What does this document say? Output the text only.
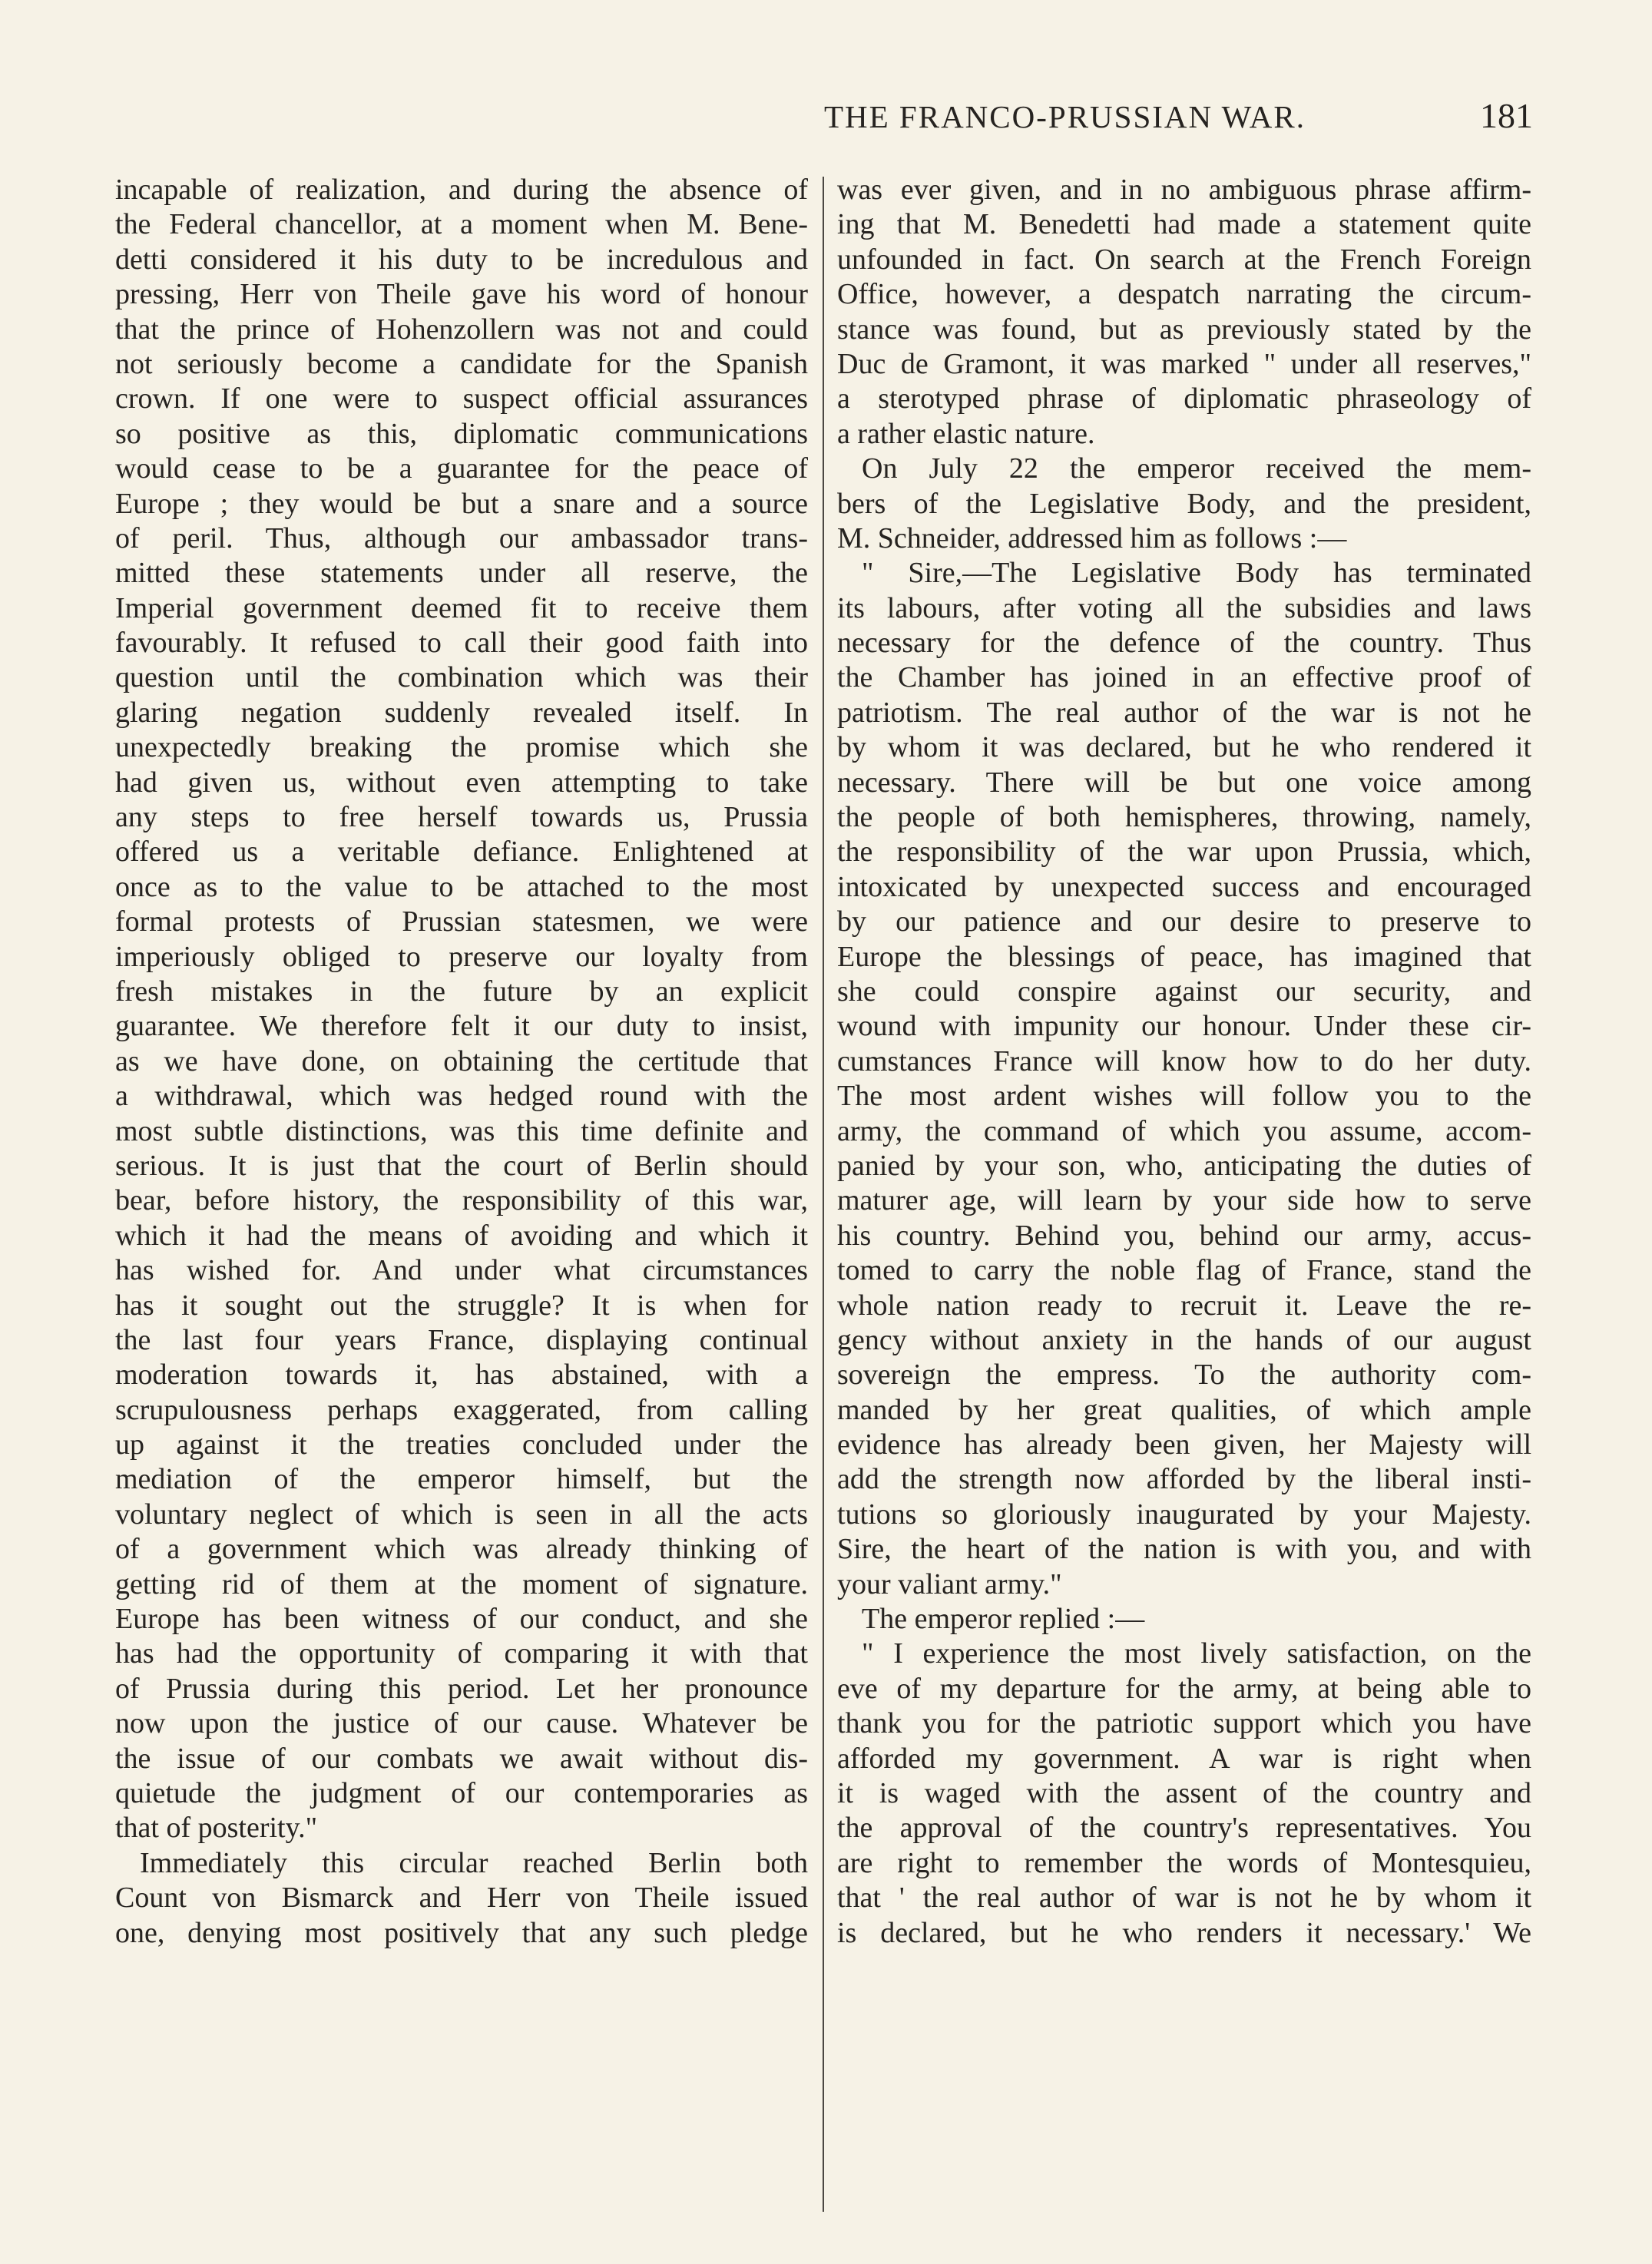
THE FRANCO-PRUSSIAN WAR.	181
incapable of realization, and during the absence of
the Federal chancellor, at a moment when M. Bene-
detti considered it his duty to be incredulous and
pressing, Herr von Theile gave his word of honour
that the prince of Hohenzollern was not and could
not seriously become a candidate for the Spanish
crown. If one were to suspect official assurances
so positive as this, diplomatic communications
would cease to be a guarantee for the peace of
Europe ; they would be but a snare and a source
of peril. Thus, although our ambassador trans-
mitted these statements under all reserve, the
Imperial government deemed fit to receive them
favourably. It refused to call their good faith into
question until the combination which was their
glaring negation suddenly revealed itself. In
unexpectedly breaking the promise which she
had given us, without even attempting to take
any steps to free herself towards us, Prussia
offered us a veritable defiance. Enlightened at
once as to the value to be attached to the most
formal protests of Prussian statesmen, we were
imperiously obliged to preserve our loyalty from
fresh mistakes in the future by an explicit
guarantee. We therefore felt it our duty to insist,
as we have done, on obtaining the certitude that
a withdrawal, which was hedged round with the
most subtle distinctions, was this time definite and
serious. It is just that the court of Berlin should
bear, before history, the responsibility of this war,
which it had the means of avoiding and which it
has wished for. And under what circumstances
has it sought out the struggle? It is when for
the last four years France, displaying continual
moderation towards it, has abstained, with a
scrupulousness perhaps exaggerated, from calling
up against it the treaties concluded under the
mediation of the emperor himself, but the
voluntary neglect of which is seen in all the acts
of a government which was already thinking of
getting rid of them at the moment of signature.
Europe has been witness of our conduct, and she
has had the opportunity of comparing it with that
of Prussia during this period. Let her pronounce
now upon the justice of our cause. Whatever be
the issue of our combats we await without dis-
quietude the judgment of our contemporaries as
that of posterity."
Immediately this circular reached Berlin both
Count von Bismarck and Herr von Theile issued
one, denying most positively that any such pledge
was ever given, and in no ambiguous phrase affirm-
ing that M. Benedetti had made a statement quite
unfounded in fact. On search at the French Foreign
Office, however, a despatch narrating the circum-
stance was found, but as previously stated by the
Duc de Gramont, it was marked " under all reserves,"
a sterotyped phrase of diplomatic phraseology of
a rather elastic nature.
On July 22 the emperor received the mem-
bers of the Legislative Body, and the president,
M. Schneider, addressed him as follows :—
" Sire,—The Legislative Body has terminated
its labours, after voting all the subsidies and laws
necessary for the defence of the country. Thus
the Chamber has joined in an effective proof of
patriotism. The real author of the war is not he
by whom it was declared, but he who rendered it
necessary. There will be but one voice among
the people of both hemispheres, throwing, namely,
the responsibility of the war upon Prussia, which,
intoxicated by unexpected success and encouraged
by our patience and our desire to preserve to
Europe the blessings of peace, has imagined that
she could conspire against our security, and
wound with impunity our honour. Under these cir-
cumstances France will know how to do her duty.
The most ardent wishes will follow you to the
army, the command of which you assume, accom-
panied by your son, who, anticipating the duties of
maturer age, will learn by your side how to serve
his country. Behind you, behind our army, accus-
tomed to carry the noble flag of France, stand the
whole nation ready to recruit it. Leave the re-
gency without anxiety in the hands of our august
sovereign the empress. To the authority com-
manded by her great qualities, of which ample
evidence has already been given, her Majesty will
add the strength now afforded by the liberal insti-
tutions so gloriously inaugurated by your Majesty.
Sire, the heart of the nation is with you, and with
your valiant army."
The emperor replied :—
" I experience the most lively satisfaction, on the
eve of my departure for the army, at being able to
thank you for the patriotic support which you have
afforded my government. A war is right when
it is waged with the assent of the country and
the approval of the country's representatives. You
are right to remember the words of Montesquieu,
that ' the real author of war is not he by whom it
is declared, but he who renders it necessary.' We
